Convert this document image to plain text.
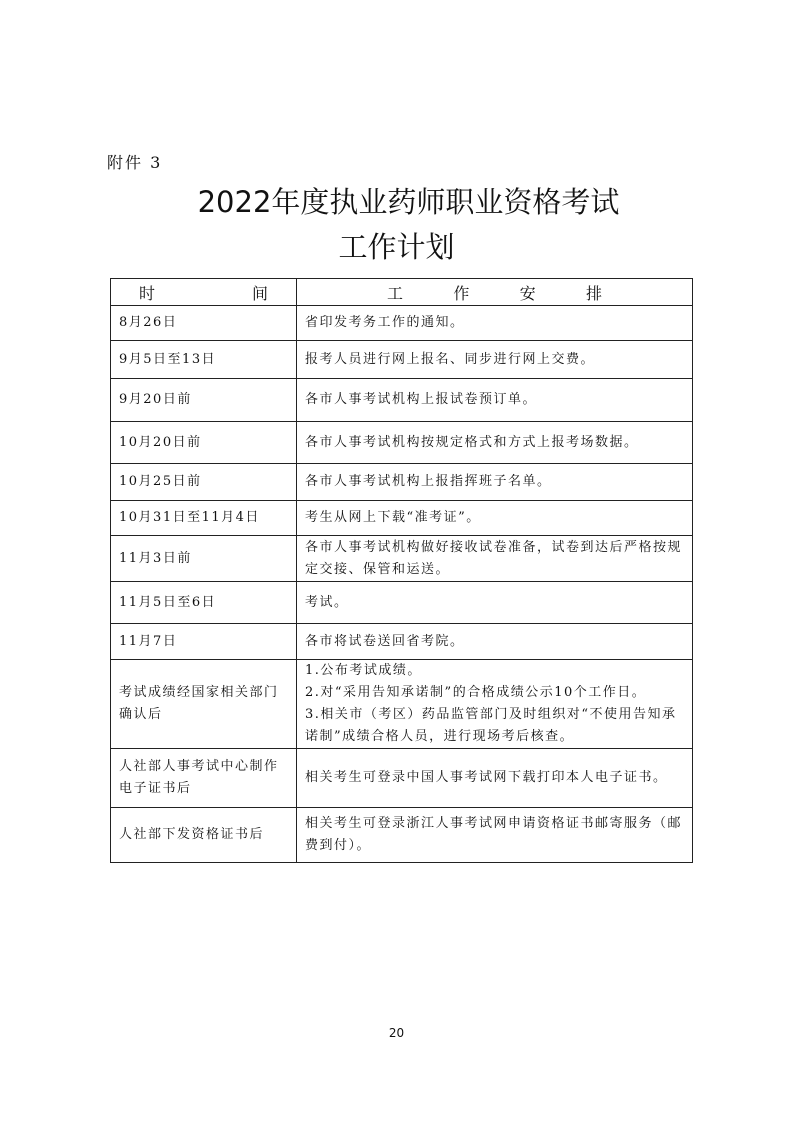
附件 3
2022年度执业药师职业资格考试
工作计划
时 间	工 作 安 排

8月26日	省印发考务工作的通知。

9月5日至13日	报考人员进行网上报名、同步进行网上交费。

9月20日前	各市人事考试机构上报试卷预订单。

10月20日前	各市人事考试机构按规定格式和方式上报考场数据。

10月25日前	各市人事考试机构上报指挥班子名单。

10月31日至11月4日	考生从网上下载“准考证”。

11月3日前	各市人事考试机构做好接收试卷准备，试卷到达后严格按规定交接、保管和运送。

11月5日至6日	考试。

11月7日	各市将试卷送回省考院。

考试成绩经国家相关部门确认后	1.公布考试成绩。
2.对“采用告知承诺制”的合格成绩公示10个工作日。
3.相关市（考区）药品监管部门及时组织对“不使用告知承诺制”成绩合格人员，进行现场考后核查。

人社部人事考试中心制作电子证书后	相关考生可登录中国人事考试网下载打印本人电子证书。

人社部下发资格证书后	相关考生可登录浙江人事考试网申请资格证书邮寄服务（邮费到付）。
20
